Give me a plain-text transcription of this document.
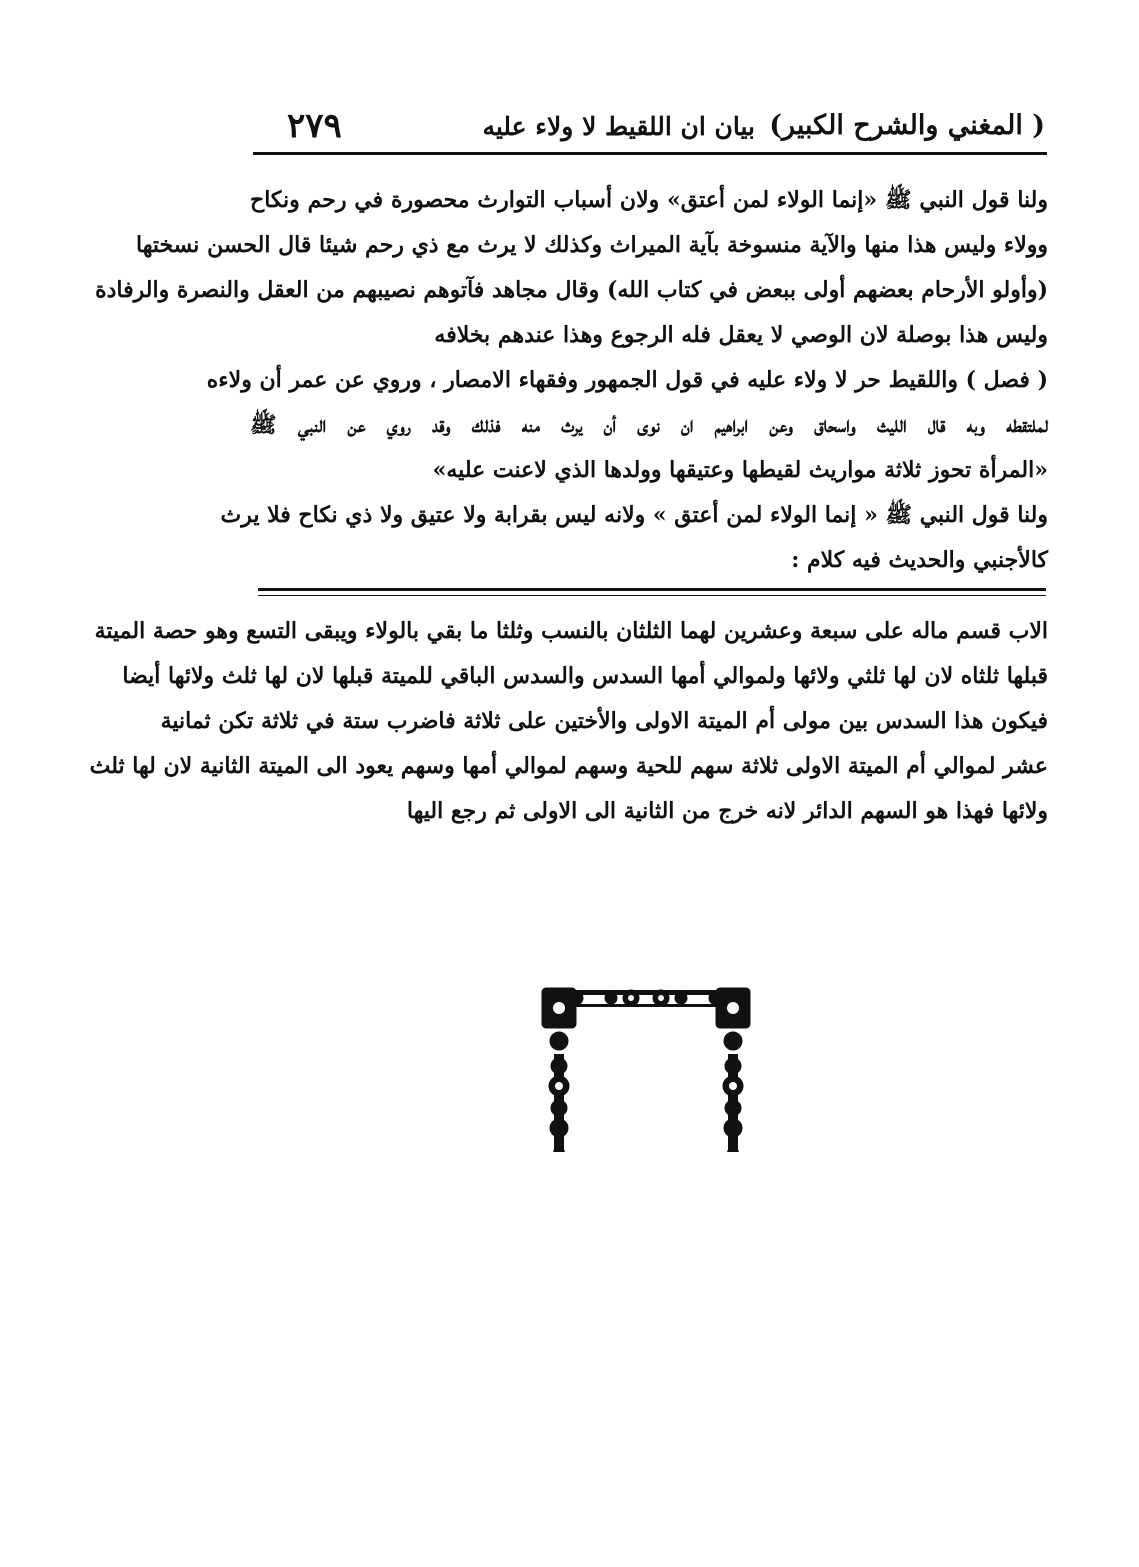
( المغني والشرح الكبير)
بيان ان اللقيط لا ولاء عليه
٢٧٩
ولنا قول النبي ﷺ «إنما الولاء لمن أعتق» ولان أسباب التوارث محصورة في رحم ونكاح
وولاء وليس هذا منها والآية منسوخة بآية الميراث وكذلك لا يرث مع ذي رحم شيئا قال الحسن نسختها
(وأولو الأرحام بعضهم أولى ببعض في كتاب الله) وقال مجاهد فآتوهم نصيبهم من العقل والنصرة والرفادة
وليس هذا بوصلة لان الوصي لا يعقل فله الرجوع وهذا عندهم بخلافه
( فصل ) واللقيط حر لا ولاء عليه في قول الجمهور وفقهاء الامصار ، وروي عن عمر أن ولاءه
لملتقطه وبه قال الليث واسحاق وعن ابراهيم ان نوى أن يرث منه فذلك وقد روي عن النبي ﷺ
«المرأة تحوز ثلاثة مواريث لقيطها وعتيقها وولدها الذي لاعنت عليه»
ولنا قول النبي ﷺ « إنما الولاء لمن أعتق » ولانه ليس بقرابة ولا عتيق ولا ذي نكاح فلا يرث
كالأجنبي والحديث فيه كلام :
الاب قسم ماله على سبعة وعشرين لهما الثلثان بالنسب وثلثا ما بقي بالولاء ويبقى التسع وهو حصة الميتة
قبلها ثلثاه لان لها ثلثي ولائها ولموالي أمها السدس والسدس الباقي للميتة قبلها لان لها ثلث ولائها أيضا
فيكون هذا السدس بين مولى أم الميتة الاولى والأختين على ثلاثة فاضرب ستة في ثلاثة تكن ثمانية
عشر لموالي أم الميتة الاولى ثلاثة سهم للحية وسهم لموالي أمها وسهم يعود الى الميتة الثانية لان لها ثلث
ولائها فهذا هو السهم الدائر لانه خرج من الثانية الى الاولى ثم رجع اليها
